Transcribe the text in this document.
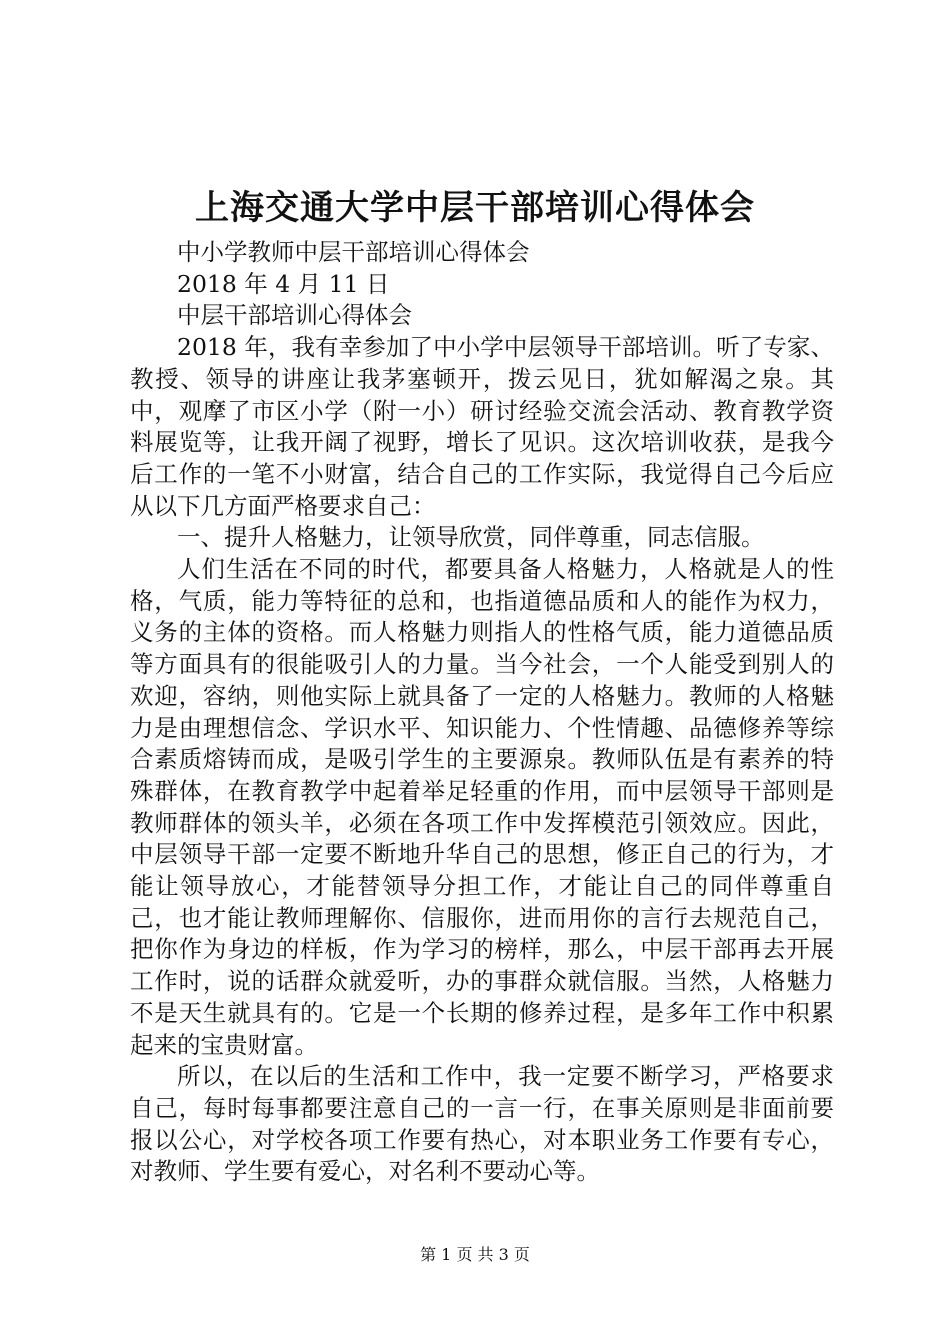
上海交通大学中层干部培训心得体会

中小学教师中层干部培训心得体会

2018 年 4 月 11 日

中层干部培训心得体会

2018 年，我有幸参加了中小学中层领导干部培训。听了专家、教授、领导的讲座让我茅塞顿开，拨云见日，犹如解渴之泉。其中，观摩了市区小学（附一小）研讨经验交流会活动、教育教学资料展览等，让我开阔了视野，增长了见识。这次培训收获，是我今后工作的一笔不小财富，结合自己的工作实际，我觉得自己今后应从以下几方面严格要求自己：

一、提升人格魅力，让领导欣赏，同伴尊重，同志信服。

人们生活在不同的时代，都要具备人格魅力，人格就是人的性格，气质，能力等特征的总和，也指道德品质和人的能作为权力，义务的主体的资格。而人格魅力则指人的性格气质，能力道德品质等方面具有的很能吸引人的力量。当今社会，一个人能受到别人的欢迎，容纳，则他实际上就具备了一定的人格魅力。教师的人格魅力是由理想信念、学识水平、知识能力、个性情趣、品德修养等综合素质熔铸而成，是吸引学生的主要源泉。教师队伍是有素养的特殊群体，在教育教学中起着举足轻重的作用，而中层领导干部则是教师群体的领头羊，必须在各项工作中发挥模范引领效应。因此，中层领导干部一定要不断地升华自己的思想，修正自己的行为，才能让领导放心，才能替领导分担工作，才能让自己的同伴尊重自己，也才能让教师理解你、信服你，进而用你的言行去规范自己，把你作为身边的样板，作为学习的榜样，那么，中层干部再去开展工作时，说的话群众就爱听，办的事群众就信服。当然，人格魅力不是天生就具有的。它是一个长期的修养过程，是多年工作中积累起来的宝贵财富。

所以，在以后的生活和工作中，我一定要不断学习，严格要求自己，每时每事都要注意自己的一言一行，在事关原则是非面前要报以公心，对学校各项工作要有热心，对本职业务工作要有专心，对教师、学生要有爱心，对名利不要动心等。

第 1 页 共 3 页
